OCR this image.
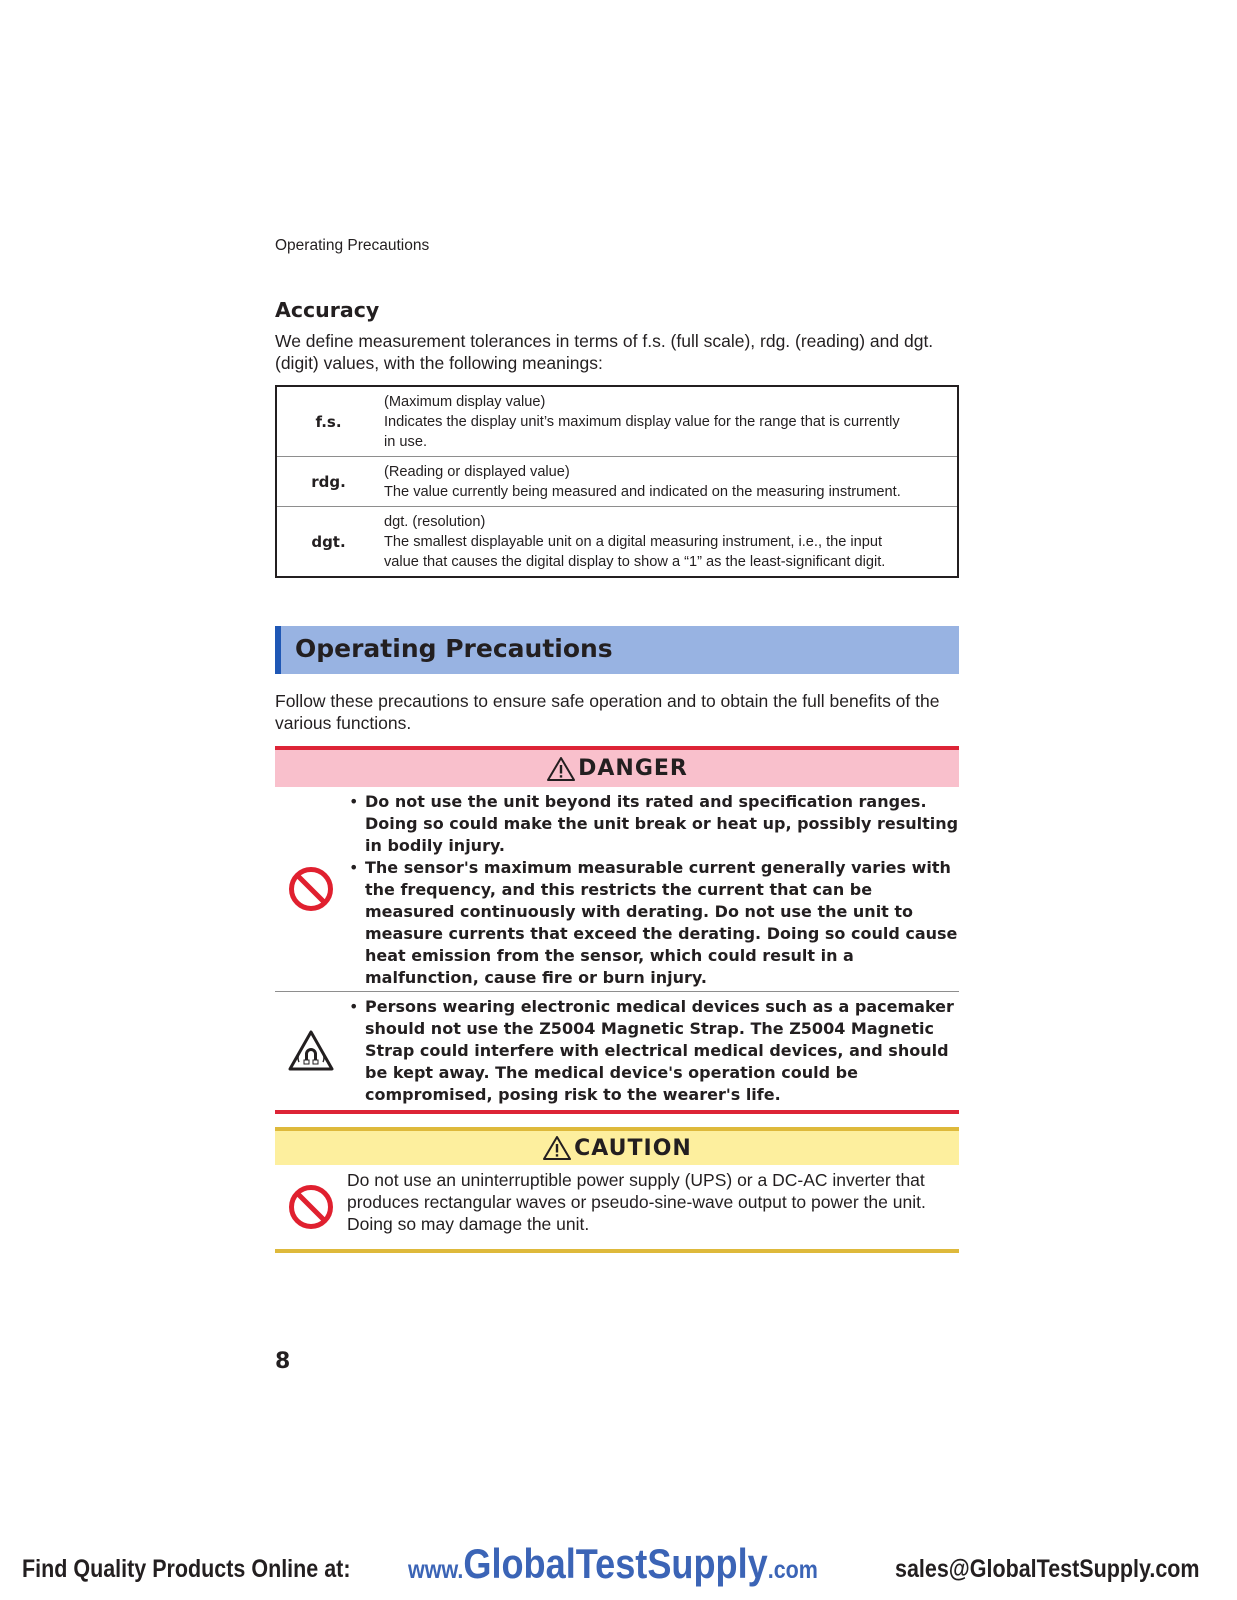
Operating Precautions
Accuracy

We define measurement tolerances in terms of f.s. (full scale), rdg. (reading) and dgt. (digit) values, with the following meanings:

f.s.	(Maximum display value)
Indicates the display unit’s maximum display value for the range that is currently
in use.

rdg.	(Reading or displayed value)
The value currently being measured and indicated on the measuring instrument.

dgt.	dgt. (resolution)
The smallest displayable unit on a digital measuring instrument, i.e., the input
value that causes the digital display to show a “1” as the least-significant digit.
Operating Precautions

Follow these precautions to ensure safe operation and to obtain the full benefits of the various functions.

DANGER
• Do not use the unit beyond its rated and specification ranges. Doing so could make the unit break or heat up, possibly resulting in bodily injury.
• The sensor's maximum measurable current generally varies with the frequency, and this restricts the current that can be measured continuously with derating. Do not use the unit to measure currents that exceed the derating. Doing so could cause heat emission from the sensor, which could result in a malfunction, cause fire or burn injury.
• Persons wearing electronic medical devices such as a pacemaker should not use the Z5004 Magnetic Strap. The Z5004 Magnetic Strap could interfere with electrical medical devices, and should be kept away. The medical device's operation could be compromised, posing risk to the wearer's life.
CAUTION
Do not use an uninterruptible power supply (UPS) or a DC-AC inverter that produces rectangular waves or pseudo-sine-wave output to power the unit. Doing so may damage the unit.
8
Find Quality Products Online at: www.GlobalTestSupply.com	sales@GlobalTestSupply.com
